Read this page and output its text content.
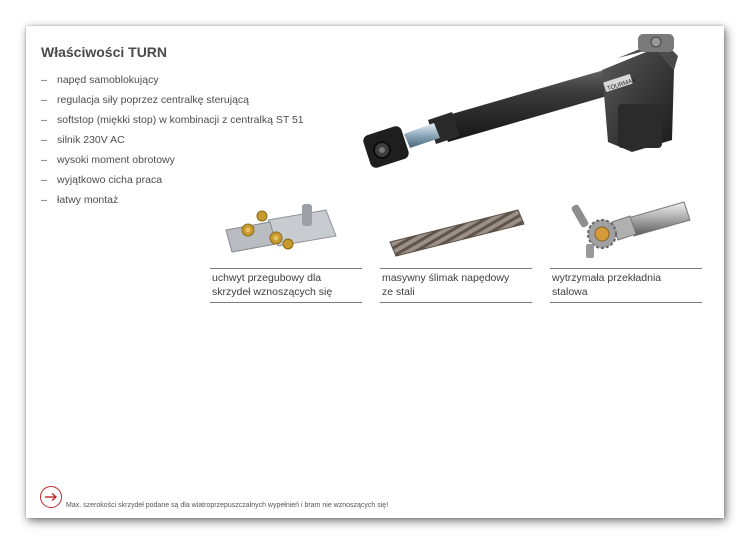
Właściwości TURN
– napęd samoblokujący
– regulacja siły poprzez centralkę sterującą
– softstop (miękki stop) w kombinacji z centralką ST 51
– silnik 230V AC
– wysoki moment obrotowy
– wyjątkowo cicha praca
– łatwy montaż
TOURMAX
uchwyt przegubowy dla
skrzydeł wznoszących się
masywny ślimak napędowy
ze stali
wytrzymała przekładnia
stalowa
Max. szerokości skrzydeł podane są dla wiatroprzepuszczalnych wypełnień i bram nie wznoszących się!
